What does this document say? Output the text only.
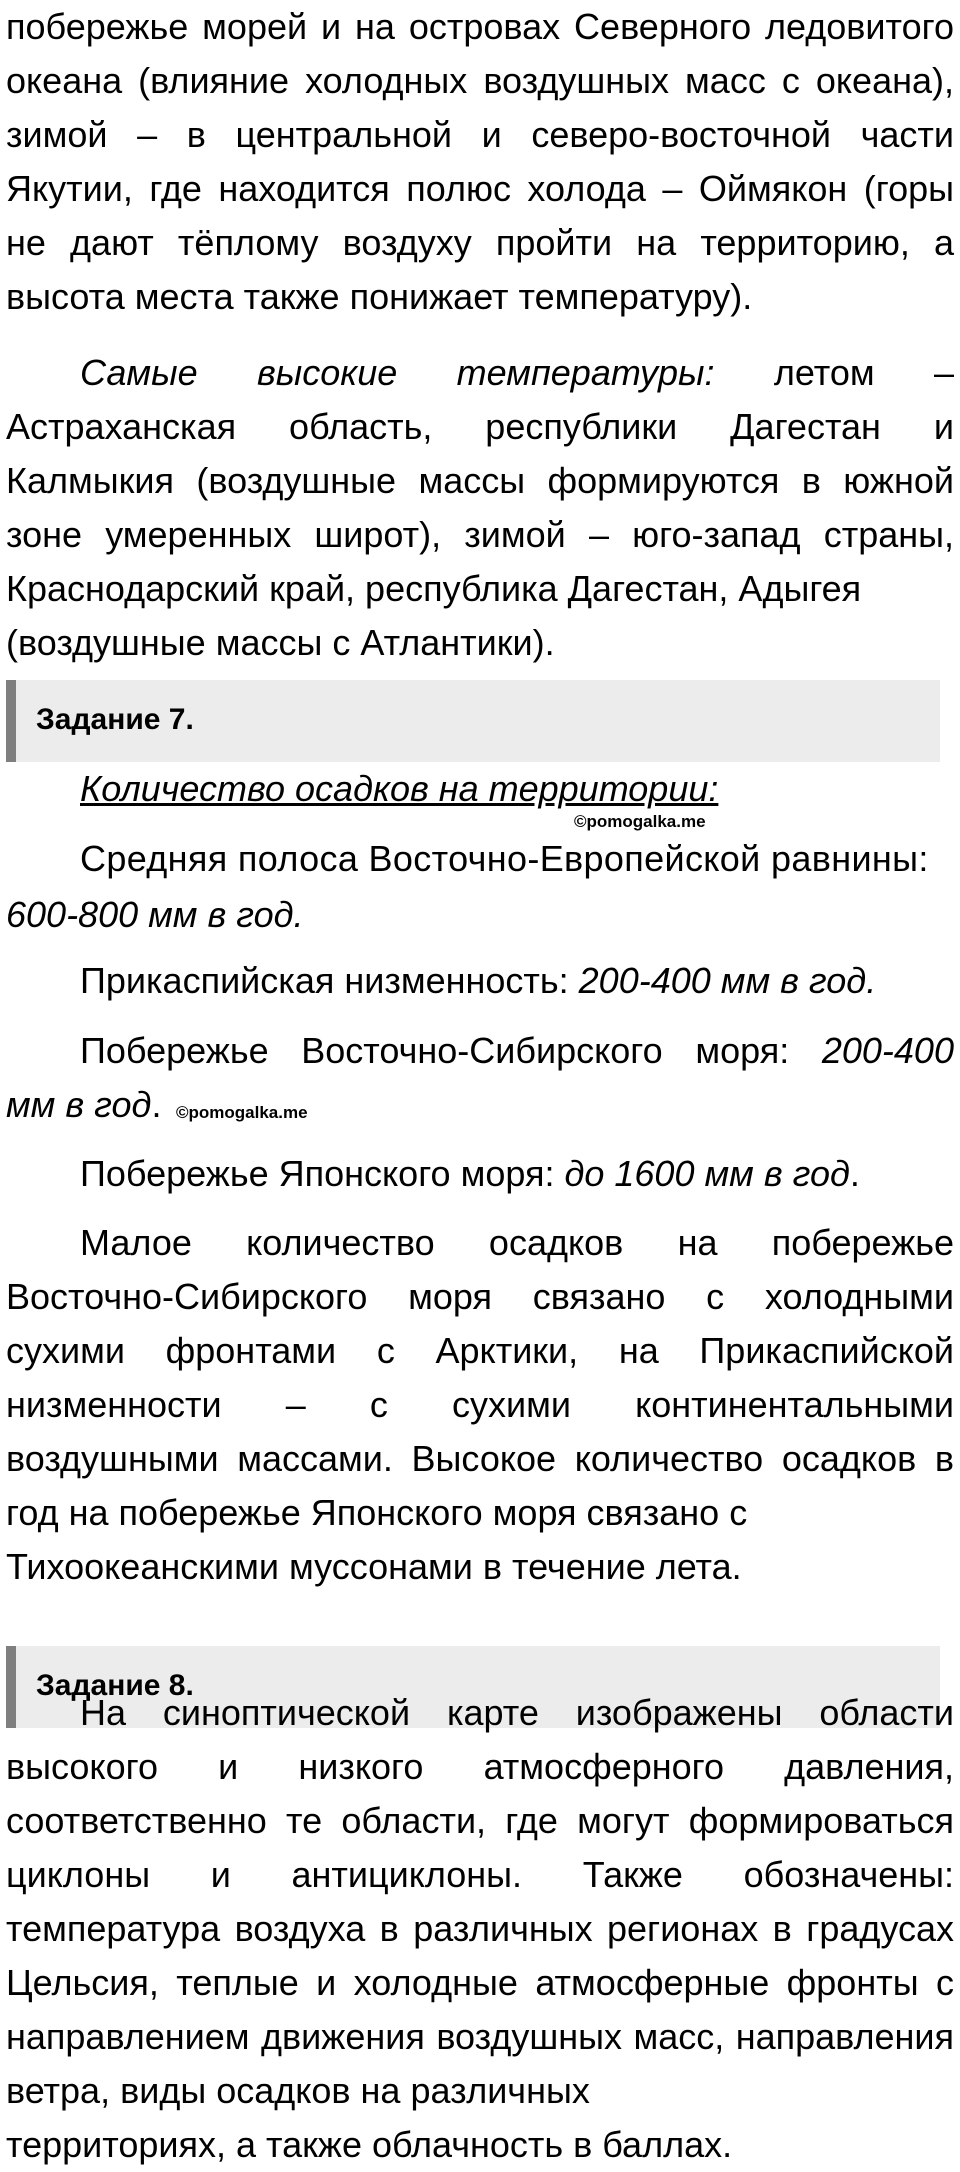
побережье морей и на островах Северного ледовитого

океана (влияние холодных воздушных масс с океана),

зимой – в центральной и северо-восточной части

Якутии, где находится полюс холода – Оймякон (горы

не дают тёплому воздуху пройти на территорию, а

высота места также понижает температуру).

Самые высокие температуры: летом – Астраханская область, республики Дагестан и Калмыкия (воздушные массы формируются в южной зоне умеренных широт), зимой – юго-запад страны, Краснодарский край, республика Дагестан, Адыгея

(воздушные массы с Атлантики).

Задание 7.

Количество осадков на территории:

©pomogalka.me

Средняя полоса Восточно-Европейской равнины:

600-800 мм в год.

Прикаспийская низменность: 200-400 мм в год.

Побережье Восточно-Сибирского моря: 200-400

мм в год. ©pomogalka.me

Побережье Японского моря: до 1600 мм в год.

Малое количество осадков на побережье Восточно-Сибирского моря связано с холодными сухими фронтами с Арктики, на Прикаспийской низменности – с сухими континентальными воздушными массами. Высокое количество осадков в год на побережье Японского моря связано с

Тихоокеанскими муссонами в течение лета.

Задание 8.

На синоптической карте изображены области высокого и низкого атмосферного давления, соответственно те области, где могут формироваться циклоны и антициклоны. Также обозначены: температура воздуха в различных регионах в градусах Цельсия, теплые и холодные атмосферные фронты с направлением движения воздушных масс, направления ветра, виды осадков на различных

территориях, а также облачность в баллах.
